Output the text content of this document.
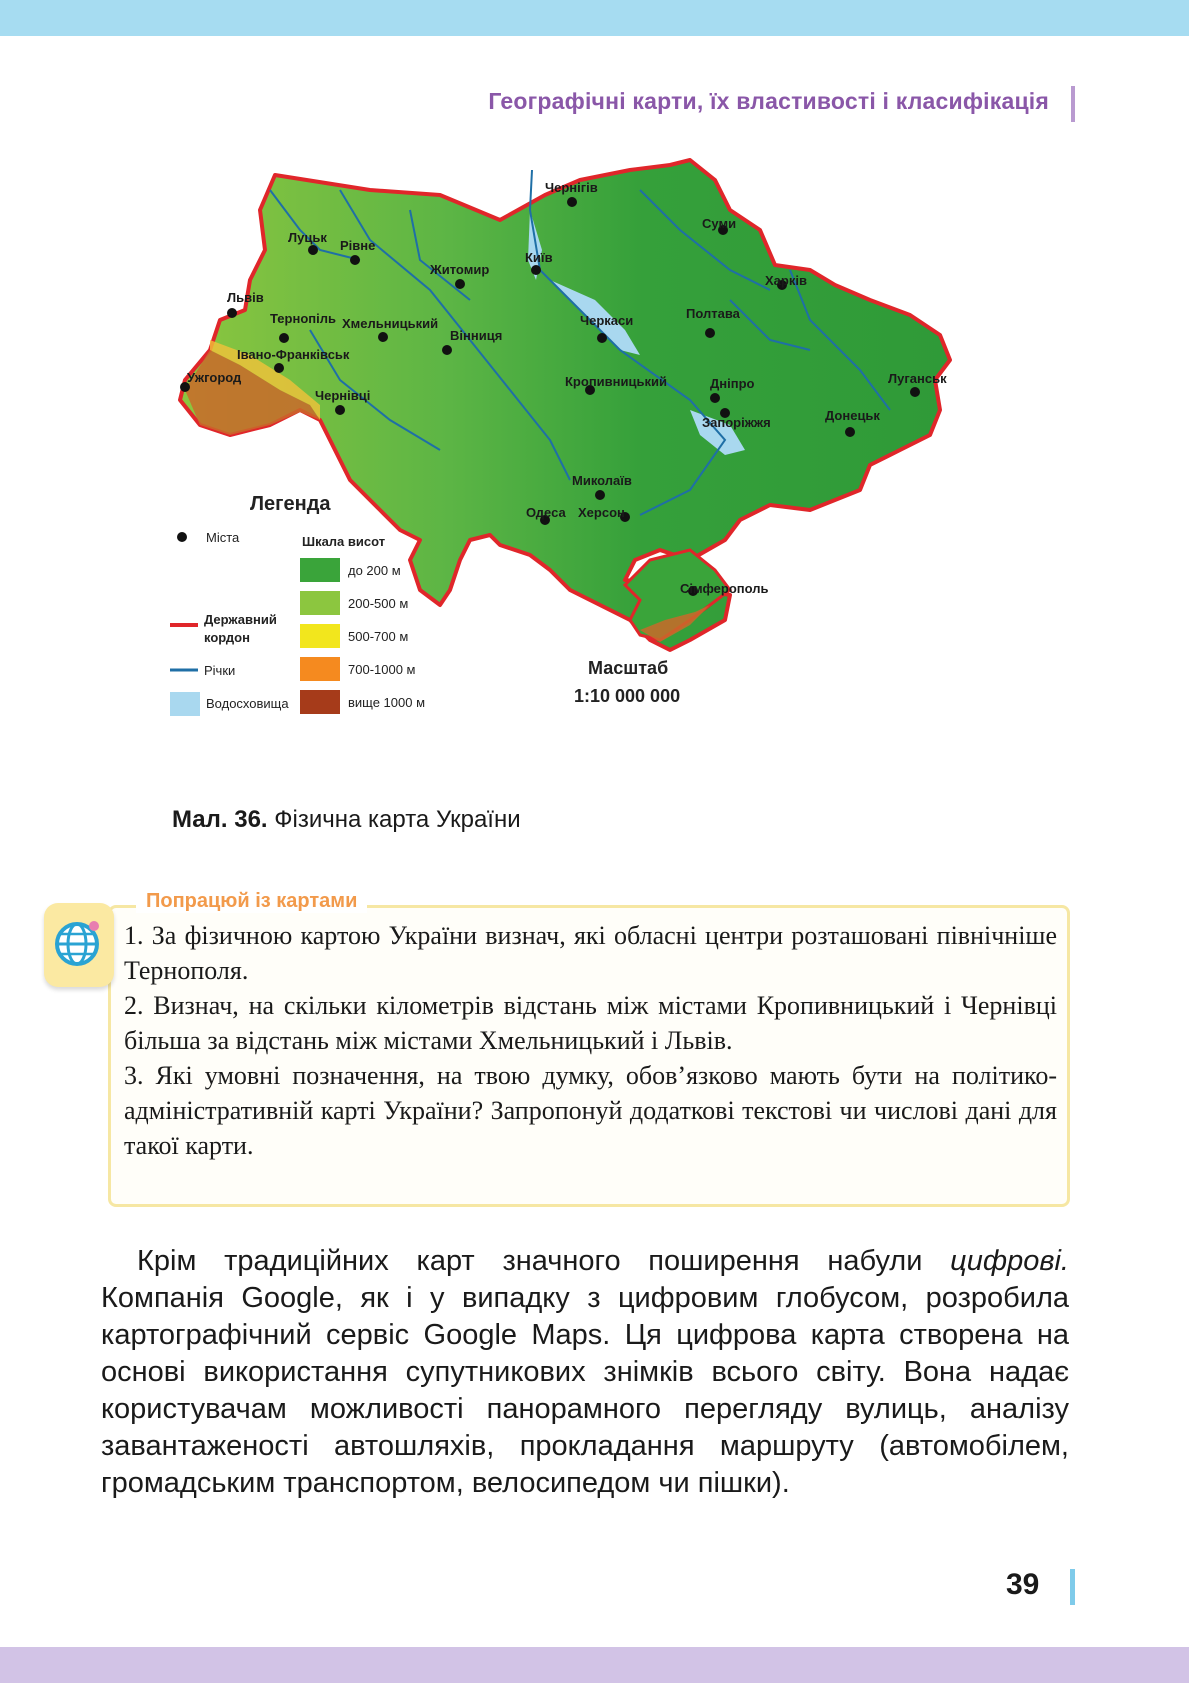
Географічні карти, їх властивості і класифікація
Чернігів
Суми
Луцьк
Рівне
Житомир
Київ
Харків
Львів
Тернопіль Хмельницький
Вінниця
Черкаси	Полтава
Івано-Франківськ
Ужгород
Чернівці
Кропивницький	Дніпро	Луганськ
Запоріжжя	Донецьк
Миколаїв
Одеса Херсон
Сімферополь
Легенда
Міста	Шкала висот
до 200 м
200-500 м
500-700 м
700-1000 м
вище 1000 м
Державний
кордон
Річки
Водосховища
Масштаб
1:10 000 000
Мал. 36. Фізична карта України
Попрацюй із картами

1. За фізичною картою України визнач, які обласні центри розташовані північніше Тернополя.

2. Визнач, на скільки кілометрів відстань між містами Кропивницький і Чернівці більша за відстань між містами Хмельницький і Львів.

3. Які умовні позначення, на твою думку, обов’язково мають бути на політико-адміністративній карті України? Запропонуй додаткові текстові чи числові дані для такої карти.

Крім традиційних карт значного поширення набули цифрові. Компанія Google, як і у випадку з цифровим глобусом, розробила картографічний сервіс Google Maps. Ця цифрова карта створена на основі використання супутникових знімків всього світу. Вона надає користувачам можливості панорамного перегляду вулиць, аналізу завантаженості автошляхів, прокладання маршруту (автомобілем, громадським транспортом, велосипедом чи пішки).

39
